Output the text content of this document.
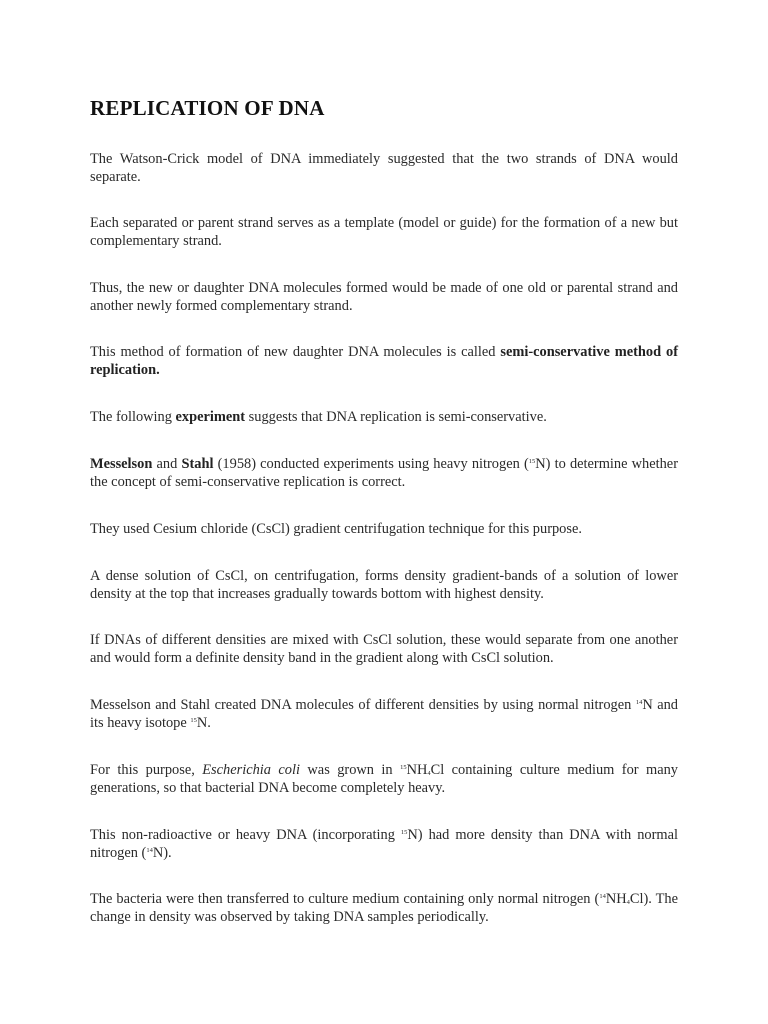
REPLICATION OF DNA

The Watson-Crick model of DNA immediately suggested that the two strands of DNA would separate.

Each separated or parent strand serves as a template (model or guide) for the formation of a new but complementary strand.

Thus, the new or daughter DNA molecules formed would be made of one old or parental strand and another newly formed complementary strand.

This method of formation of new daughter DNA molecules is called semi-conservative method of replication.

The following experiment suggests that DNA replication is semi-conservative.

Messelson and Stahl (1958) conducted experiments using heavy nitrogen ($^{15}$N) to determine whether the concept of semi-conservative replication is correct.

They used Cesium chloride (CsCl) gradient centrifugation technique for this purpose.

A dense solution of CsCl, on centrifugation, forms density gradient-bands of a solution of lower density at the top that increases gradually towards bottom with highest density.

If DNAs of different densities are mixed with CsCl solution, these would separate from one another and would form a definite density band in the gradient along with CsCl solution.

Messelson and Stahl created DNA molecules of different densities by using normal nitrogen $^{14}$N and its heavy isotope $^{15}$N.

For this purpose, Escherichia coli was grown in $^{15}NH_4Cl$ containing culture medium for many generations, so that bacterial DNA become completely heavy.

This non-radioactive or heavy DNA (incorporating $^{15}$N) had more density than DNA with normal nitrogen ($^{14}$N).

The bacteria were then transferred to culture medium containing only normal nitrogen $(^{14}NH_4Cl)$. The change in density was observed by taking DNA samples periodically.
